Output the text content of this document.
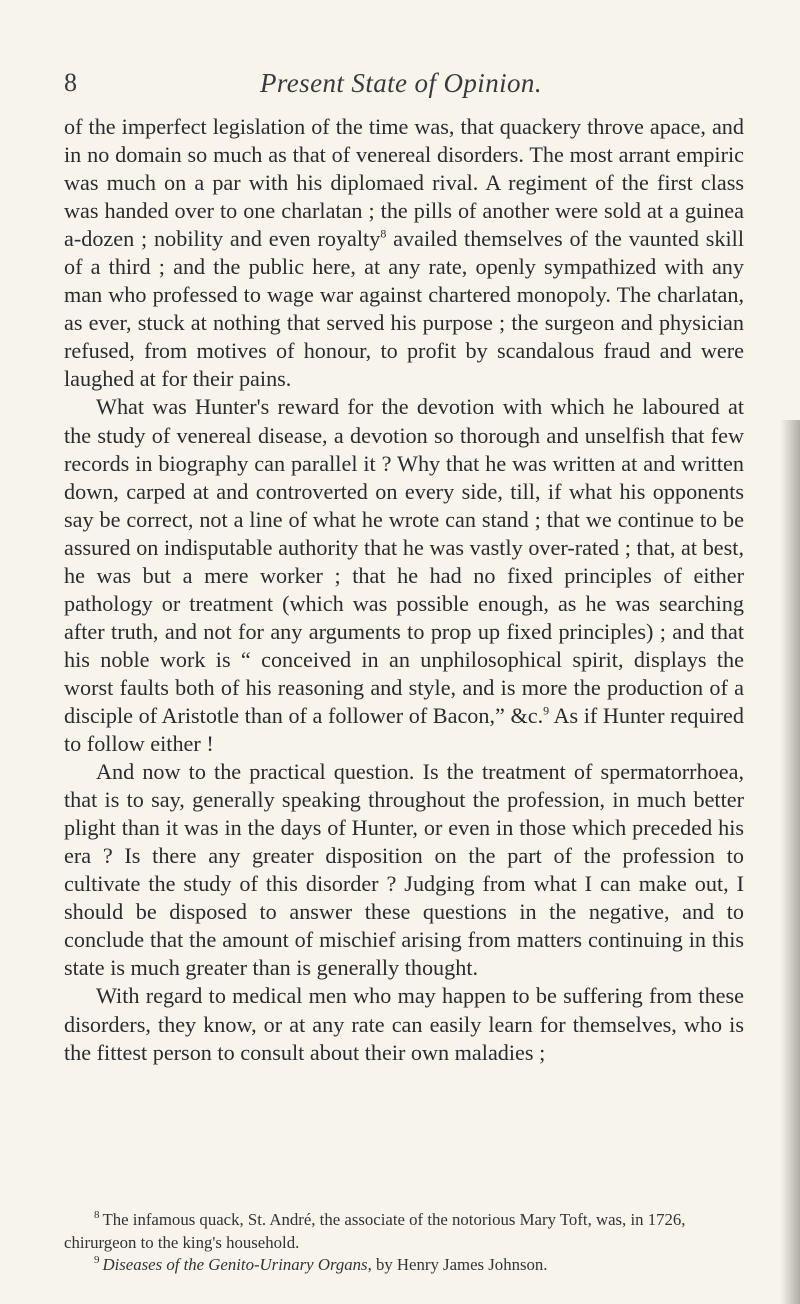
8	Present State of Opinion.

of the imperfect legislation of the time was, that quackery throve apace, and in no domain so much as that of venereal disorders. The most arrant empiric was much on a par with his diplomaed rival. A regiment of the first class was handed over to one charlatan ; the pills of another were sold at a guinea a-dozen ; nobility and even royalty$^8$ availed themselves of the vaunted skill of a third ; and the public here, at any rate, openly sympathized with any man who professed to wage war against chartered monopoly. The charlatan, as ever, stuck at nothing that served his purpose ; the surgeon and physician refused, from motives of honour, to profit by scandalous fraud and were laughed at for their pains.

What was Hunter's reward for the devotion with which he laboured at the study of venereal disease, a devotion so thorough and unselfish that few records in biography can parallel it ? Why that he was written at and written down, carped at and controverted on every side, till, if what his opponents say be correct, not a line of what he wrote can stand ; that we continue to be assured on indisputable authority that he was vastly over-rated ; that, at best, he was but a mere worker ; that he had no fixed principles of either pathology or treatment (which was possible enough, as he was searching after truth, and not for any arguments to prop up fixed principles) ; and that his noble work is “ conceived in an unphilosophical spirit, displays the worst faults both of his reasoning and style, and is more the production of a disciple of Aristotle than of a follower of Bacon,” &c.$^9$ As if Hunter required to follow either !

And now to the practical question. Is the treatment of spermatorrhoea, that is to say, generally speaking throughout the profession, in much better plight than it was in the days of Hunter, or even in those which preceded his era ? Is there any greater disposition on the part of the profession to cultivate the study of this disorder ? Judging from what I can make out, I should be disposed to answer these questions in the negative, and to conclude that the amount of mischief arising from matters continuing in this state is much greater than is generally thought.

With regard to medical men who may happen to be suffering from these disorders, they know, or at any rate can easily learn for themselves, who is the fittest person to consult about their own maladies ;

$^8$ The infamous quack, St. André, the associate of the notorious Mary Toft, was, in 1726, chirurgeon to the king's household.

$^9$ Diseases of the Genito-Urinary Organs, by Henry James Johnson.
